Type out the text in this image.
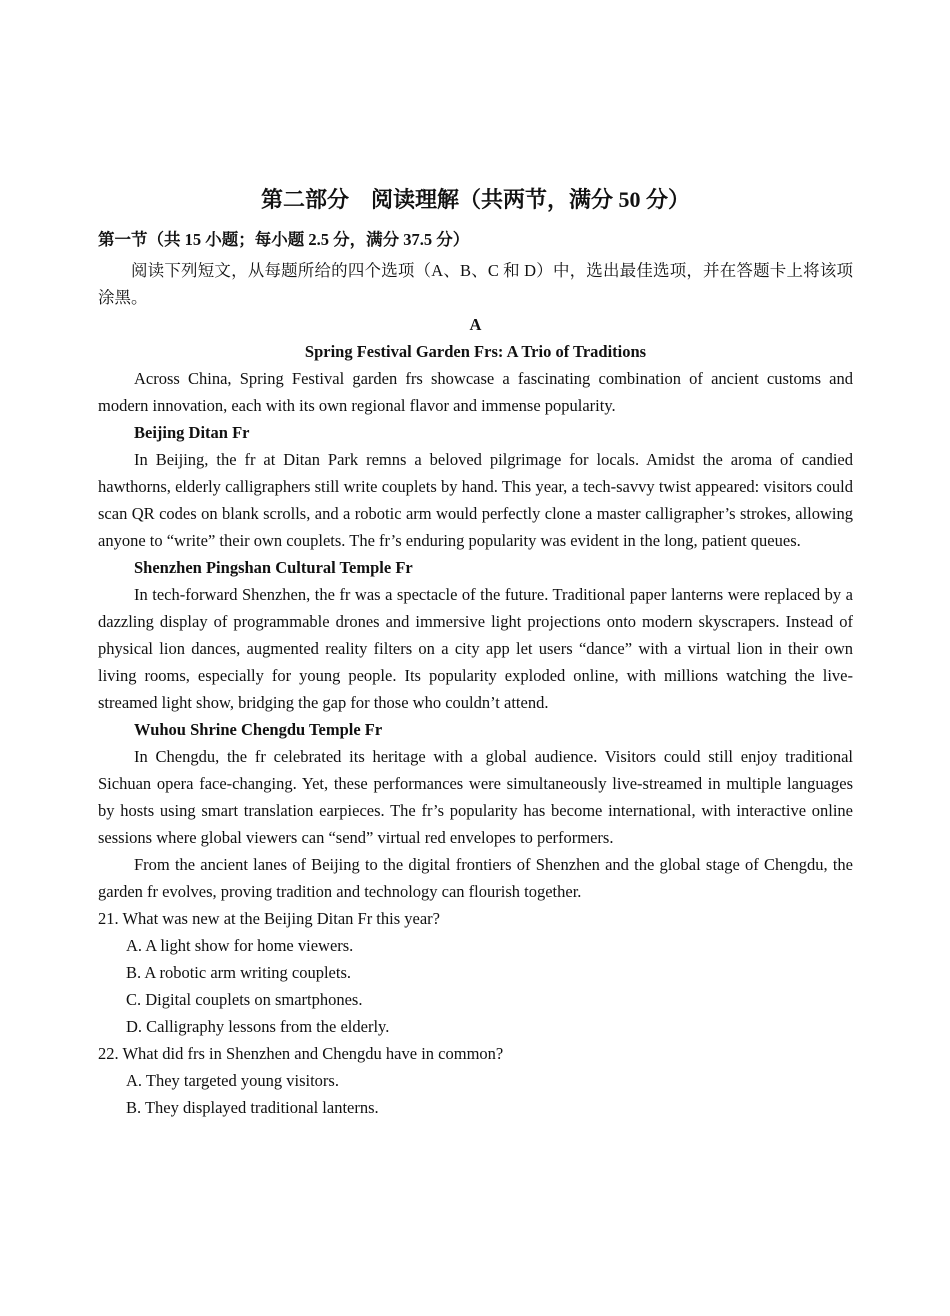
第二部分　阅读理解（共两节，满分 50 分）
第一节（共 15 小题；每小题 2.5 分，满分 37.5 分）

阅读下列短文，从每题所给的四个选项（A、B、C 和 D）中，选出最佳选项，并在答题卡上将该项涂黑。

A

Spring Festival Garden Frs: A Trio of Traditions

Across China, Spring Festival garden frs showcase a fascinating combination of ancient customs and modern innovation, each with its own regional flavor and immense popularity.

Beijing Ditan Fr

In Beijing, the fr at Ditan Park remns a beloved pilgrimage for locals. Amidst the aroma of candied hawthorns, elderly calligraphers still write couplets by hand. This year, a tech-savvy twist appeared: visitors could scan QR codes on blank scrolls, and a robotic arm would perfectly clone a master calligrapher’s strokes, allowing anyone to “write” their own couplets. The fr’s enduring popularity was evident in the long, patient queues.

Shenzhen Pingshan Cultural Temple Fr

In tech-forward Shenzhen, the fr was a spectacle of the future. Traditional paper lanterns were replaced by a dazzling display of programmable drones and immersive light projections onto modern skyscrapers. Instead of physical lion dances, augmented reality filters on a city app let users “dance” with a virtual lion in their own living rooms, especially for young people. Its popularity exploded online, with millions watching the live-streamed light show, bridging the gap for those who couldn’t attend.

Wuhou Shrine Chengdu Temple Fr

In Chengdu, the fr celebrated its heritage with a global audience. Visitors could still enjoy traditional Sichuan opera face-changing. Yet, these performances were simultaneously live-streamed in multiple languages by hosts using smart translation earpieces. The fr’s popularity has become international, with interactive online sessions where global viewers can “send” virtual red envelopes to performers.

From the ancient lanes of Beijing to the digital frontiers of Shenzhen and the global stage of Chengdu, the garden fr evolves, proving tradition and technology can flourish together.

21. What was new at the Beijing Ditan Fr this year?

A. A light show for home viewers.

B. A robotic arm writing couplets.

C. Digital couplets on smartphones.

D. Calligraphy lessons from the elderly.

22. What did frs in Shenzhen and Chengdu have in common?

A. They targeted young visitors.

B. They displayed traditional lanterns.
